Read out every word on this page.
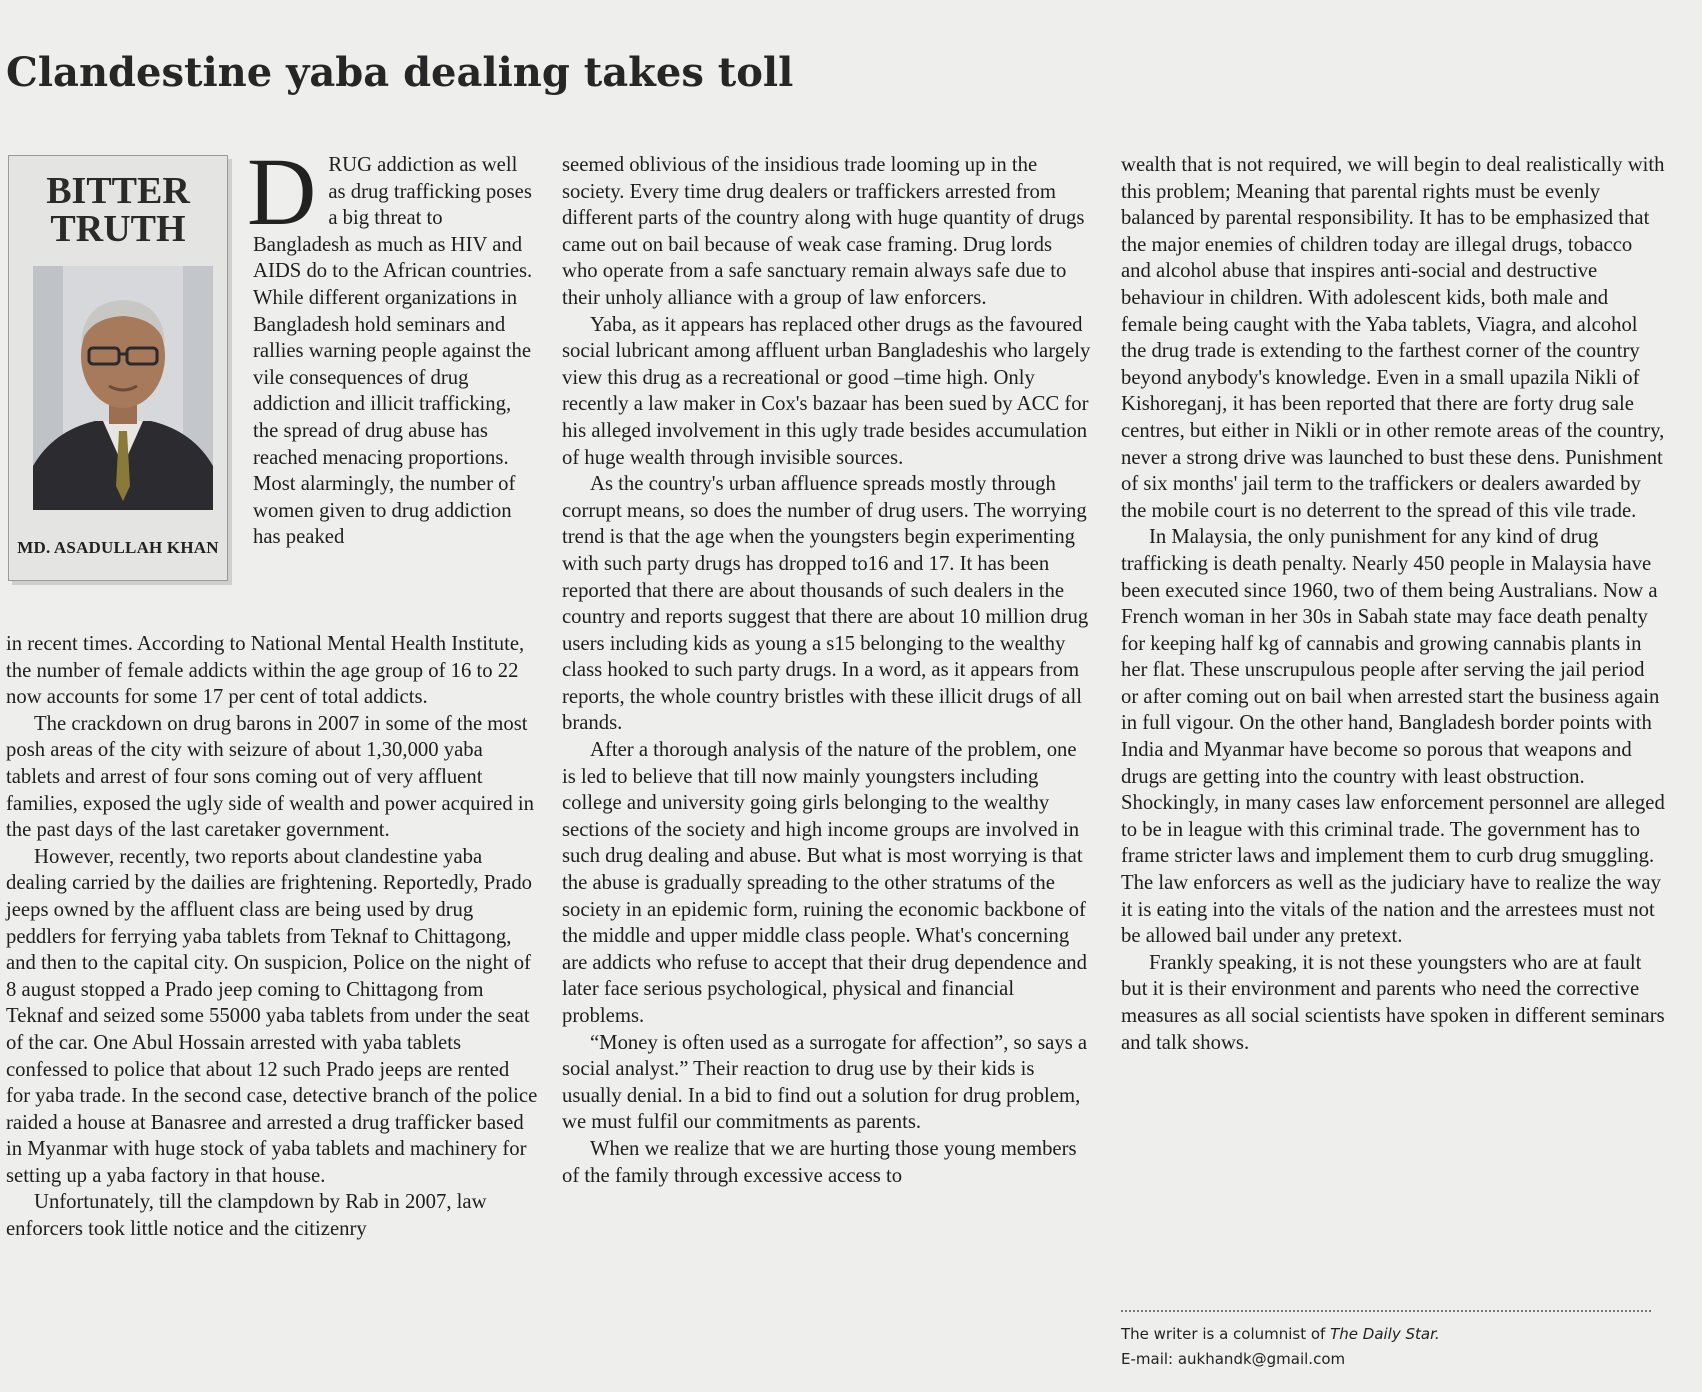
Clandestine yaba dealing takes toll
BITTER
TRUTH
MD. ASADULLAH KHAN
D RUG addiction as well as drug trafficking poses a big threat to Bangladesh as much as HIV and AIDS do to the African countries. While different organizations in Bangladesh hold seminars and rallies warning people against the vile consequences of drug addiction and illicit trafficking, the spread of drug abuse has reached menacing proportions. Most alarmingly, the number of women given to drug addiction has peaked

in recent times. According to National Mental Health Institute, the number of female addicts within the age group of 16 to 22 now accounts for some 17 per cent of total addicts.

The crackdown on drug barons in 2007 in some of the most posh areas of the city with seizure of about 1,30,000 yaba tablets and arrest of four sons coming out of very affluent families, exposed the ugly side of wealth and power acquired in the past days of the last caretaker government.

However, recently, two reports about clandestine yaba dealing carried by the dailies are frightening. Reportedly, Prado jeeps owned by the affluent class are being used by drug peddlers for ferrying yaba tablets from Teknaf to Chittagong, and then to the capital city. On suspicion, Police on the night of 8 august stopped a Prado jeep coming to Chittagong from Teknaf and seized some 55000 yaba tablets from under the seat of the car. One Abul Hossain arrested with yaba tablets confessed to police that about 12 such Prado jeeps are rented for yaba trade. In the second case, detective branch of the police raided a house at Banasree and arrested a drug trafficker based in Myanmar with huge stock of yaba tablets and machinery for setting up a yaba factory in that house.

Unfortunately, till the clampdown by Rab in 2007, law enforcers took little notice and the citizenry

seemed oblivious of the insidious trade looming up in the society. Every time drug dealers or traffickers arrested from different parts of the country along with huge quantity of drugs came out on bail because of weak case framing. Drug lords who operate from a safe sanctuary remain always safe due to their unholy alliance with a group of law enforcers.

Yaba, as it appears has replaced other drugs as the favoured social lubricant among affluent urban Bangladeshis who largely view this drug as a recreational or good –time high. Only recently a law maker in Cox's bazaar has been sued by ACC for his alleged involvement in this ugly trade besides accumulation of huge wealth through invisible sources.

As the country's urban affluence spreads mostly through corrupt means, so does the number of drug users. The worrying trend is that the age when the youngsters begin experimenting with such party drugs has dropped to16 and 17. It has been reported that there are about thousands of such dealers in the country and reports suggest that there are about 10 million drug users including kids as young a s15 belonging to the wealthy class hooked to such party drugs. In a word, as it appears from reports, the whole country bristles with these illicit drugs of all brands.

After a thorough analysis of the nature of the problem, one is led to believe that till now mainly youngsters including college and university going girls belonging to the wealthy sections of the society and high income groups are involved in such drug dealing and abuse. But what is most worrying is that the abuse is gradually spreading to the other stratums of the society in an epidemic form, ruining the economic backbone of the middle and upper middle class people. What's concerning are addicts who refuse to accept that their drug dependence and later face serious psychological, physical and financial problems.

“Money is often used as a surrogate for affection”, so says a social analyst.” Their reaction to drug use by their kids is usually denial. In a bid to find out a solution for drug problem, we must fulfil our commitments as parents.

When we realize that we are hurting those young members of the family through excessive access to

wealth that is not required, we will begin to deal realistically with this problem; Meaning that parental rights must be evenly balanced by parental responsibility. It has to be emphasized that the major enemies of children today are illegal drugs, tobacco and alcohol abuse that inspires anti-social and destructive behaviour in children. With adolescent kids, both male and female being caught with the Yaba tablets, Viagra, and alcohol the drug trade is extending to the farthest corner of the country beyond anybody's knowledge. Even in a small upazila Nikli of Kishoreganj, it has been reported that there are forty drug sale centres, but either in Nikli or in other remote areas of the country, never a strong drive was launched to bust these dens. Punishment of six months' jail term to the traffickers or dealers awarded by the mobile court is no deterrent to the spread of this vile trade.

In Malaysia, the only punishment for any kind of drug trafficking is death penalty. Nearly 450 people in Malaysia have been executed since 1960, two of them being Australians. Now a French woman in her 30s in Sabah state may face death penalty for keeping half kg of cannabis and growing cannabis plants in her flat. These unscrupulous people after serving the jail period or after coming out on bail when arrested start the business again in full vigour. On the other hand, Bangladesh border points with India and Myanmar have become so porous that weapons and drugs are getting into the country with least obstruction. Shockingly, in many cases law enforcement personnel are alleged to be in league with this criminal trade. The government has to frame stricter laws and implement them to curb drug smuggling. The law enforcers as well as the judiciary have to realize the way it is eating into the vitals of the nation and the arrestees must not be allowed bail under any pretext.

Frankly speaking, it is not these youngsters who are at fault but it is their environment and parents who need the corrective measures as all social scientists have spoken in different seminars and talk shows.

The writer is a columnist of The Daily Star.
E-mail: aukhandk@gmail.com
